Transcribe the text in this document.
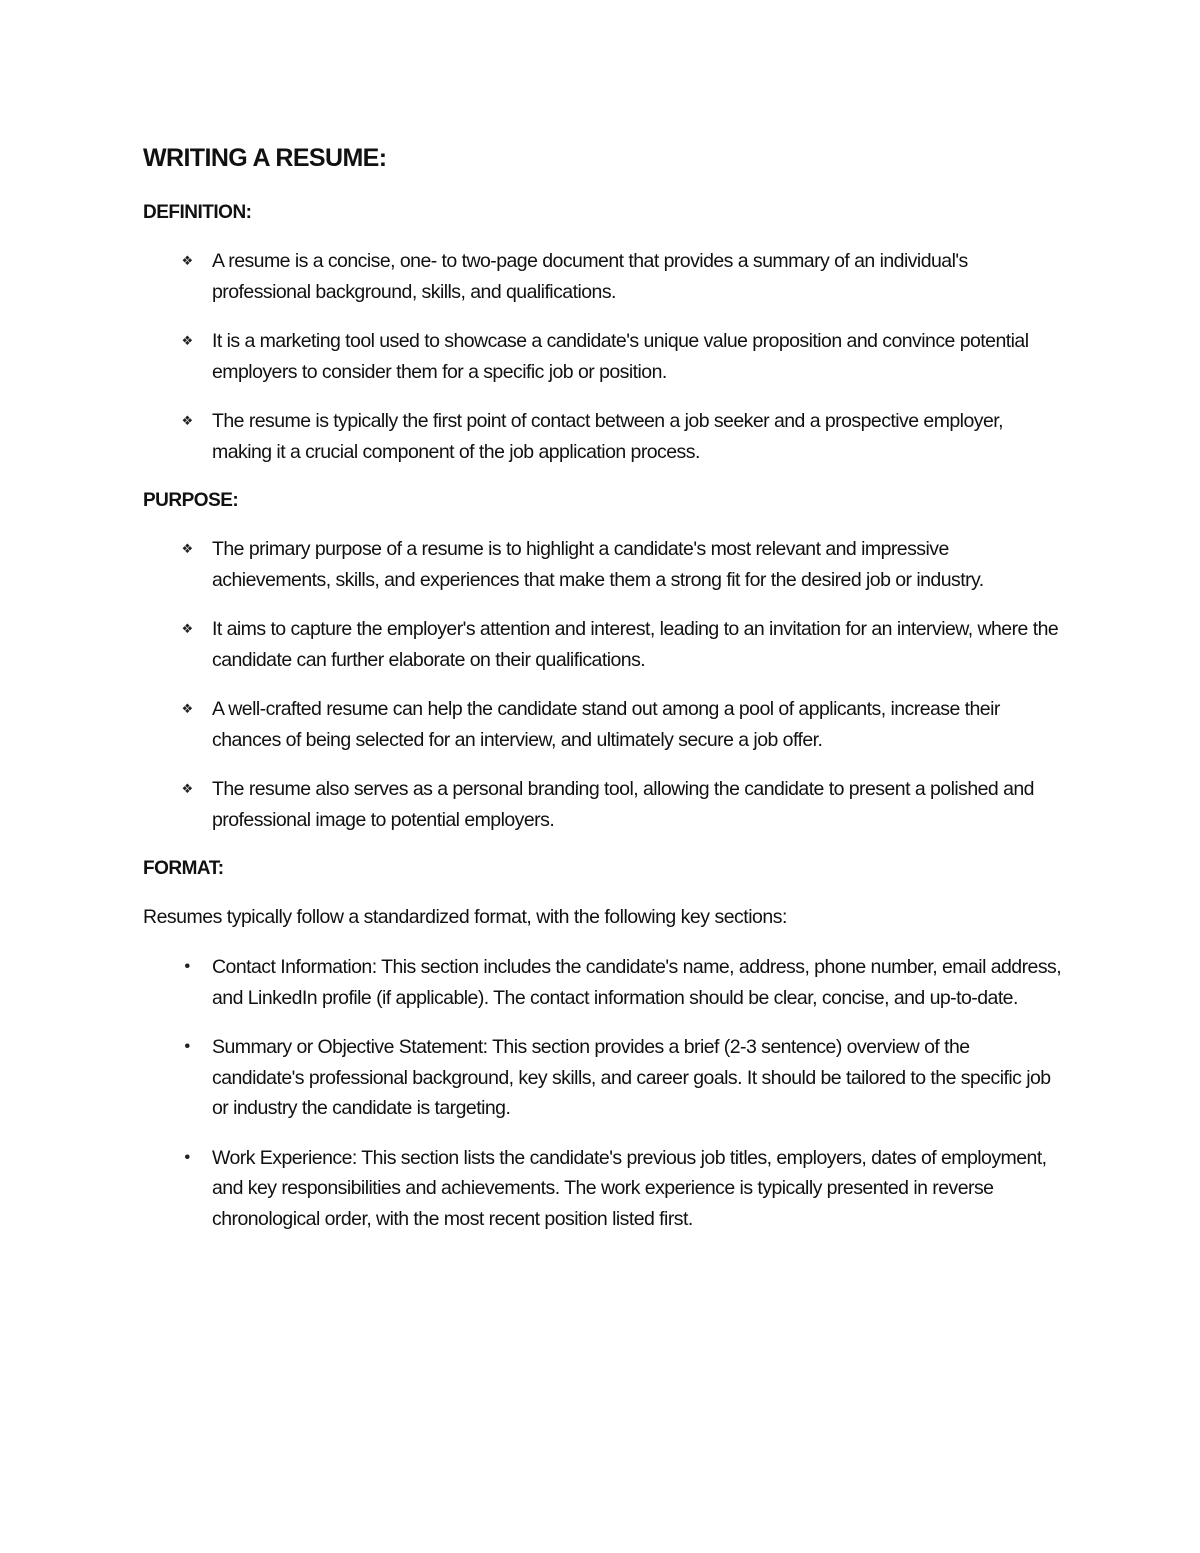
WRITING A RESUME:
DEFINITION:
❖ A resume is a concise, one- to two-page document that provides a summary of an individual's professional background, skills, and qualifications.
❖ It is a marketing tool used to showcase a candidate's unique value proposition and convince potential employers to consider them for a specific job or position.
❖ The resume is typically the first point of contact between a job seeker and a prospective employer, making it a crucial component of the job application process.
PURPOSE:
❖ The primary purpose of a resume is to highlight a candidate's most relevant and impressive achievements, skills, and experiences that make them a strong fit for the desired job or industry.
❖ It aims to capture the employer's attention and interest, leading to an invitation for an interview, where the candidate can further elaborate on their qualifications.
❖ A well-crafted resume can help the candidate stand out among a pool of applicants, increase their chances of being selected for an interview, and ultimately secure a job offer.
❖ The resume also serves as a personal branding tool, allowing the candidate to present a polished and professional image to potential employers.
FORMAT:
Resumes typically follow a standardized format, with the following key sections:
•	Contact Information: This section includes the candidate's name, address, phone number, email address, and LinkedIn profile (if applicable). The contact information should be clear, concise, and up-to-date.
•	Summary or Objective Statement: This section provides a brief (2-3 sentence) overview of the candidate's professional background, key skills, and career goals. It should be tailored to the specific job or industry the candidate is targeting.
•	Work Experience: This section lists the candidate's previous job titles, employers, dates of employment, and key responsibilities and achievements. The work experience is typically presented in reverse chronological order, with the most recent position listed first.
